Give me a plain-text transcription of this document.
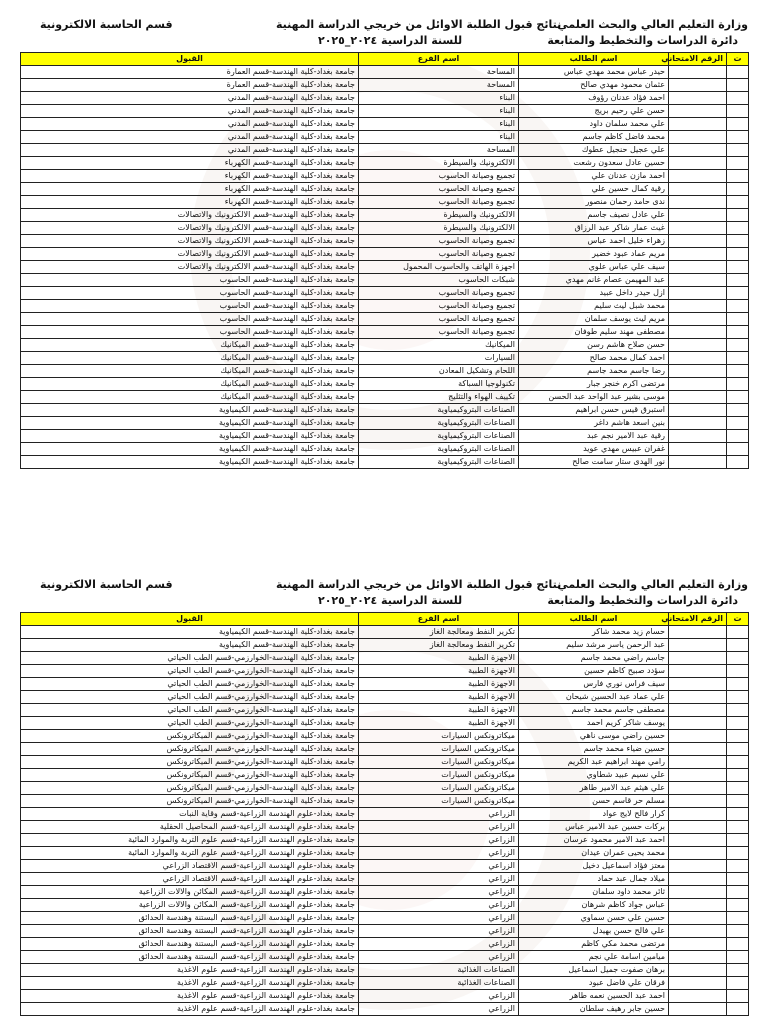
وزارة التعليم العالي والبحث العلمي
دائرة الدراسات والتخطيط والمتابعة
نتائج قبول الطلبة الاوائل من خريجي الدراسة المهنية
للسنة الدراسية ٢٠٢٤_٢٠٢٥
قسم الحاسبة الالكترونية
ت	الرقم الامتحاني	اسم الطالب	اسم الفرع	القبول
		حيدر عباس محمد مهدي عباس	المساحة	جامعة بغداد-كلية الهندسة-قسم العمارة
		عثمان محمود مهدي صالح	المساحة	جامعة بغداد-كلية الهندسة-قسم العمارة
		احمد فؤاد عدنان رؤوف	البناء	جامعة بغداد-كلية الهندسة-قسم المدني
		حسن علي رحيم بريج	البناء	جامعة بغداد-كلية الهندسة-قسم المدني
		علي محمد سلمان داود	البناء	جامعة بغداد-كلية الهندسة-قسم المدني
		محمد فاضل كاظم جاسم	البناء	جامعة بغداد-كلية الهندسة-قسم المدني
		علي عجيل حنجيل عطوك	المساحة	جامعة بغداد-كلية الهندسة-قسم المدني
		حسين عادل سعدون رشعت	الالكترونيك والسيطرة	جامعة بغداد-كلية الهندسة-قسم الكهرباء
		احمد مازن عدنان علي	تجميع وصيانة الحاسوب	جامعة بغداد-كلية الهندسة-قسم الكهرباء
		رقية كمال حسين علي	تجميع وصيانة الحاسوب	جامعة بغداد-كلية الهندسة-قسم الكهرباء
		ندى حامد رحمان منصور	تجميع وصيانة الحاسوب	جامعة بغداد-كلية الهندسة-قسم الكهرباء
		علي عادل نصيف جاسم	الالكترونيك والسيطرة	جامعة بغداد-كلية الهندسة-قسم الالكترونيك والاتصالات
		غيث عمار شاكر عبد الرزاق	الالكترونيك والسيطرة	جامعة بغداد-كلية الهندسة-قسم الالكترونيك والاتصالات
		زهراء خليل احمد عباس	تجميع وصيانة الحاسوب	جامعة بغداد-كلية الهندسة-قسم الالكترونيك والاتصالات
		مريم عماد عبود خضير	تجميع وصيانة الحاسوب	جامعة بغداد-كلية الهندسة-قسم الالكترونيك والاتصالات
		سيف علي عباس علوي	اجهزة الهاتف والحاسوب المحمول	جامعة بغداد-كلية الهندسة-قسم الالكترونيك والاتصالات
		عبد المهيمن عصام غانم مهدي	شبكات الحاسوب	جامعة بغداد-كلية الهندسة-قسم الحاسوب
		ازل حيدر داخل عبيد	تجميع وصيانة الحاسوب	جامعة بغداد-كلية الهندسة-قسم الحاسوب
		محمد شبل ليث سليم	تجميع وصيانة الحاسوب	جامعة بغداد-كلية الهندسة-قسم الحاسوب
		مريم ليث يوسف سلمان	تجميع وصيانة الحاسوب	جامعة بغداد-كلية الهندسة-قسم الحاسوب
		مصطفى مهند سليم طوفان	تجميع وصيانة الحاسوب	جامعة بغداد-كلية الهندسة-قسم الحاسوب
		حسن صلاح هاشم رسن	الميكانيك	جامعة بغداد-كلية الهندسة-قسم الميكانيك
		احمد كمال محمد صالح	السيارات	جامعة بغداد-كلية الهندسة-قسم الميكانيك
		رضا جاسم محمد جاسم	اللحام وتشكيل المعادن	جامعة بغداد-كلية الهندسة-قسم الميكانيك
		مرتضى اكرم خنجر جبار	تكنولوجيا السباكة	جامعة بغداد-كلية الهندسة-قسم الميكانيك
		موسى بشير عبد الواحد عبد الحسن	تكييف الهواء والتثليج	جامعة بغداد-كلية الهندسة-قسم الميكانيك
		استبرق قيس حسن ابراهيم	الصناعات البتروكيمياوية	جامعة بغداد-كلية الهندسة-قسم الكيمياوية
		بنين اسعد هاشم داغر	الصناعات البتروكيمياوية	جامعة بغداد-كلية الهندسة-قسم الكيمياوية
		رقية عبد الامير نجم عبد	الصناعات البتروكيمياوية	جامعة بغداد-كلية الهندسة-قسم الكيمياوية
		غفران عبيس مهدي عويد	الصناعات البتروكيمياوية	جامعة بغداد-كلية الهندسة-قسم الكيمياوية
		نور الهدى ستار سامت صالح	الصناعات البتروكيمياوية	جامعة بغداد-كلية الهندسة-قسم الكيمياوية
وزارة التعليم العالي والبحث العلمي
دائرة الدراسات والتخطيط والمتابعة
نتائج قبول الطلبة الاوائل من خريجي الدراسة المهنية
للسنة الدراسية ٢٠٢٤_٢٠٢٥
قسم الحاسبة الالكترونية
ت	الرقم الامتحاني	اسم الطالب	اسم الفرع	القبول
		حسام زيد محمد شاكر	تكرير النفط ومعالجة الغاز	جامعة بغداد-كلية الهندسة-قسم الكيمياوية
		عبد الرحمن ياسر مرشد سليم	تكرير النفط ومعالجة الغاز	جامعة بغداد-كلية الهندسة-قسم الكيمياوية
		جاسم راضي محمد جاسم	الاجهزة الطبية	جامعة بغداد-كلية الهندسة-الخوارزمي-قسم الطب الحياتي
		سؤدد صبيح كاظم حسين	الاجهزة الطبية	جامعة بغداد-كلية الهندسة-الخوارزمي-قسم الطب الحياتي
		سيف فراس نوري فارس	الاجهزة الطبية	جامعة بغداد-كلية الهندسة-الخوارزمي-قسم الطب الحياتي
		علي عماد عبد الحسين شيحان	الاجهزة الطبية	جامعة بغداد-كلية الهندسة-الخوارزمي-قسم الطب الحياتي
		مصطفى جاسم محمد جاسم	الاجهزة الطبية	جامعة بغداد-كلية الهندسة-الخوارزمي-قسم الطب الحياتي
		يوسف شاكر كريم احمد	الاجهزة الطبية	جامعة بغداد-كلية الهندسة-الخوارزمي-قسم الطب الحياتي
		حسين راضي موسى ناهي	ميكاترونكس السيارات	جامعة بغداد-كلية الهندسة-الخوارزمي-قسم الميكاترونكس
		حسين ضياء محمد جاسم	ميكاترونكس السيارات	جامعة بغداد-كلية الهندسة-الخوارزمي-قسم الميكاترونكس
		رامي مهند ابراهيم عبد الكريم	ميكاترونكس السيارات	جامعة بغداد-كلية الهندسة-الخوارزمي-قسم الميكاترونكس
		علي نسيم عبيد شطاوي	ميكاترونكس السيارات	جامعة بغداد-كلية الهندسة-الخوارزمي-قسم الميكاترونكس
		علي هيثم عبد الامير طاهر	ميكاترونكس السيارات	جامعة بغداد-كلية الهندسة-الخوارزمي-قسم الميكاترونكس
		مسلم حر قاسم حسن	ميكاترونكس السيارات	جامعة بغداد-كلية الهندسة-الخوارزمي-قسم الميكاترونكس
		كرار فالح لايج عواد	الزراعي	جامعة بغداد-علوم الهندسة الزراعية-قسم وقاية النبات
		بركات حسين عبد الامير عباس	الزراعي	جامعة بغداد-علوم الهندسة الزراعية-قسم المحاصيل الحقلية
		احمد عبد الامير محمود عرسان	الزراعي	جامعة بغداد-علوم الهندسة الزراعية-قسم علوم التربة والموارد المائية
		محمد يحيى عمران عيدان	الزراعي	جامعة بغداد-علوم الهندسة الزراعية-قسم علوم التربة والموارد المائية
		معتز فؤاد اسماعيل دخيل	الزراعي	جامعة بغداد-علوم الهندسة الزراعية-قسم الاقتصاد الزراعي
		ميلاد جمال عبد حماد	الزراعي	جامعة بغداد-علوم الهندسة الزراعية-قسم الاقتصاد الزراعي
		ثائر محمد داود سلمان	الزراعي	جامعة بغداد-علوم الهندسة الزراعية-قسم المكائن والالات الزراعية
		عباس جواد كاظم شرهان	الزراعي	جامعة بغداد-علوم الهندسة الزراعية-قسم المكائن والالات الزراعية
		حسين علي حسن سماوي	الزراعي	جامعة بغداد-علوم الهندسة الزراعية-قسم البستنة وهندسة الحدائق
		علي فالح حسن بهيدل	الزراعي	جامعة بغداد-علوم الهندسة الزراعية-قسم البستنة وهندسة الحدائق
		مرتضى محمد مكي كاظم	الزراعي	جامعة بغداد-علوم الهندسة الزراعية-قسم البستنة وهندسة الحدائق
		ميامين اسامة علي نجم	الزراعي	جامعة بغداد-علوم الهندسة الزراعية-قسم البستنة وهندسة الحدائق
		برهان صفوت جميل اسماعيل	الصناعات الغذائية	جامعة بغداد-علوم الهندسة الزراعية-قسم علوم الاغذية
		فرقان علي فاضل عبود	الصناعات الغذائية	جامعة بغداد-علوم الهندسة الزراعية-قسم علوم الاغذية
		احمد عبد الحسين نعمه طاهر	الزراعي	جامعة بغداد-علوم الهندسة الزراعية-قسم علوم الاغذية
		حسين جابر رهيف سلطان	الزراعي	جامعة بغداد-علوم الهندسة الزراعية-قسم علوم الاغذية
